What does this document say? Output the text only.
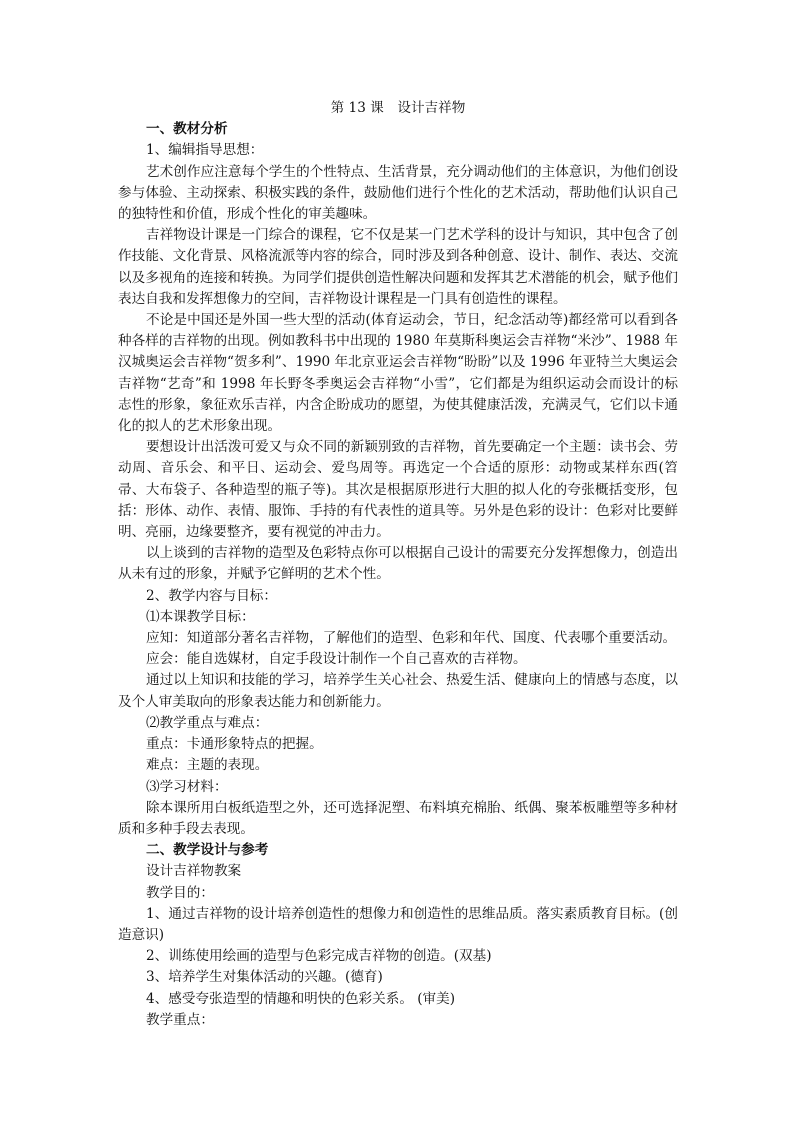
第 13 课　设计吉祥物
一、教材分析
1、编辑指导思想：
艺术创作应注意每个学生的个性特点、生活背景，充分调动他们的主体意识，为他们创设参与体验、主动探索、积极实践的条件，鼓励他们进行个性化的艺术活动，帮助他们认识自己的独特性和价值，形成个性化的审美趣味。
吉祥物设计课是一门综合的课程，它不仅是某一门艺术学科的设计与知识，其中包含了创作技能、文化背景、风格流派等内容的综合，同时涉及到各种创意、设计、制作、表达、交流以及多视角的连接和转换。为同学们提供创造性解决问题和发挥其艺术潜能的机会，赋予他们表达自我和发挥想像力的空间，吉祥物设计课程是一门具有创造性的课程。
不论是中国还是外国一些大型的活动(体育运动会，节日，纪念活动等)都经常可以看到各种各样的吉祥物的出现。例如教科书中出现的 1980 年莫斯科奥运会吉祥物“米沙”、1988 年汉城奥运会吉祥物“贺多利”、1990 年北京亚运会吉祥物“盼盼”以及 1996 年亚特兰大奥运会吉祥物“艺奇”和 1998 年长野冬季奥运会吉祥物“小雪”，它们都是为组织运动会而设计的标志性的形象，象征欢乐吉祥，内含企盼成功的愿望，为使其健康活泼，充满灵气，它们以卡通化的拟人的艺术形象出现。
要想设计出活泼可爱又与众不同的新颖别致的吉祥物，首先要确定一个主题：读书会、劳动周、音乐会、和平日、运动会、爱鸟周等。再选定一个合适的原形：动物或某样东西(笤帚、大布袋子、各种造型的瓶子等)。其次是根据原形进行大胆的拟人化的夸张概括变形，包括：形体、动作、表情、服饰、手持的有代表性的道具等。另外是色彩的设计：色彩对比要鲜明、亮丽，边缘要整齐，要有视觉的冲击力。
以上谈到的吉祥物的造型及色彩特点你可以根据自己设计的需要充分发挥想像力，创造出从未有过的形象，并赋予它鲜明的艺术个性。
2、教学内容与目标：
⑴本课教学目标：
应知：知道部分著名吉祥物，了解他们的造型、色彩和年代、国度、代表哪个重要活动。
应会：能自选媒材，自定手段设计制作一个自己喜欢的吉祥物。
通过以上知识和技能的学习，培养学生关心社会、热爱生活、健康向上的情感与态度，以及个人审美取向的形象表达能力和创新能力。
⑵教学重点与难点：
重点：卡通形象特点的把握。
难点：主题的表现。
⑶学习材料：
除本课所用白板纸造型之外，还可选择泥塑、布料填充棉胎、纸偶、聚苯板雕塑等多种材质和多种手段去表现。
二、教学设计与参考
设计吉祥物教案
教学目的：
1、通过吉祥物的设计培养创造性的想像力和创造性的思维品质。落实素质教育目标。(创造意识)
2、训练使用绘画的造型与色彩完成吉祥物的创造。(双基)
3、培养学生对集体活动的兴趣。(德育)
4、感受夸张造型的情趣和明快的色彩关系。 (审美)
教学重点：
